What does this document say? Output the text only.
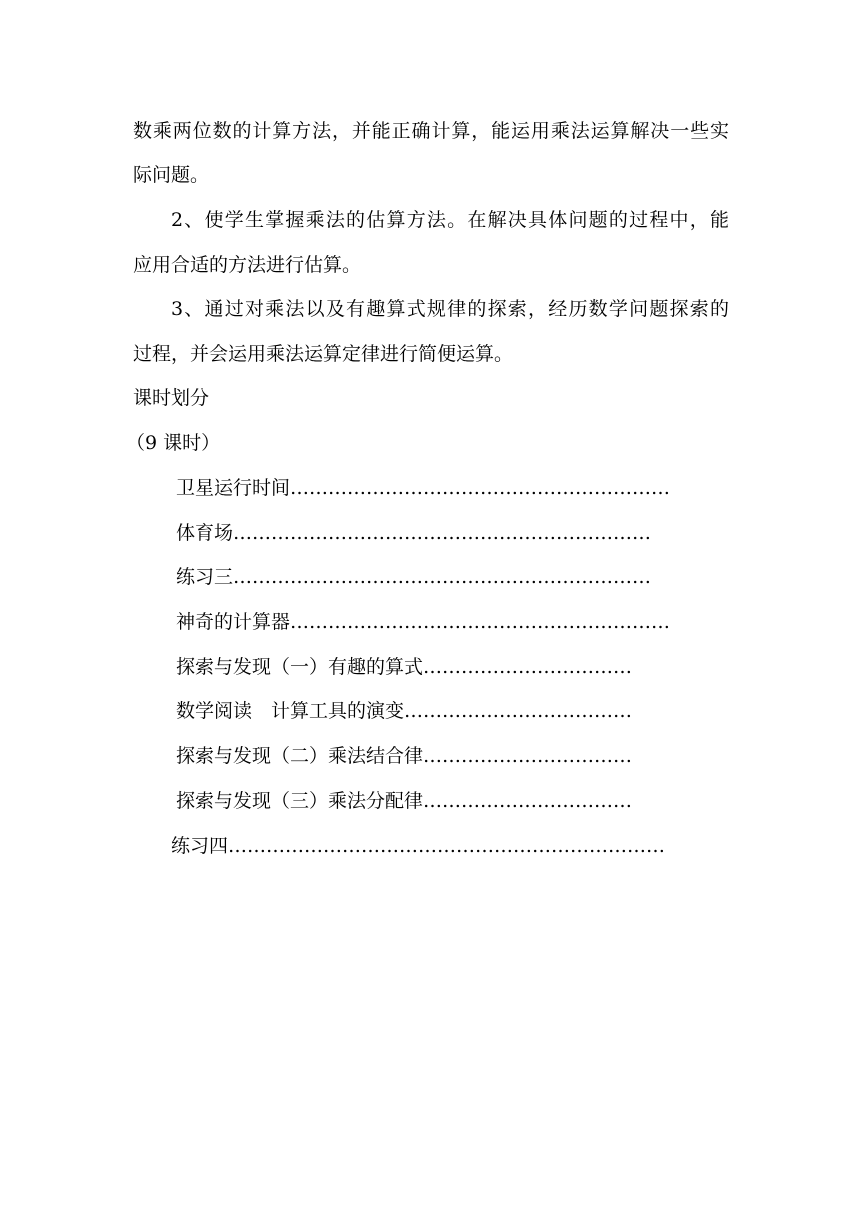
数乘两位数的计算方法，并能正确计算，能运用乘法运算解决一些实
际问题。
2、使学生掌握乘法的估算方法。在解决具体问题的过程中，能
应用合适的方法进行估算。
3、通过对乘法以及有趣算式规律的探索，经历数学问题探索的
过程，并会运用乘法运算定律进行简便运算。
课时划分
（9 课时）
卫星运行时间……………………………………………………
体育场…………………………………………………………
练习三…………………………………………………………
神奇的计算器……………………………………………………
探索与发现（一）有趣的算式……………………………
数学阅读　计算工具的演变………………………………
探索与发现（二）乘法结合律……………………………
探索与发现（三）乘法分配律……………………………
练习四……………………………………………………………
